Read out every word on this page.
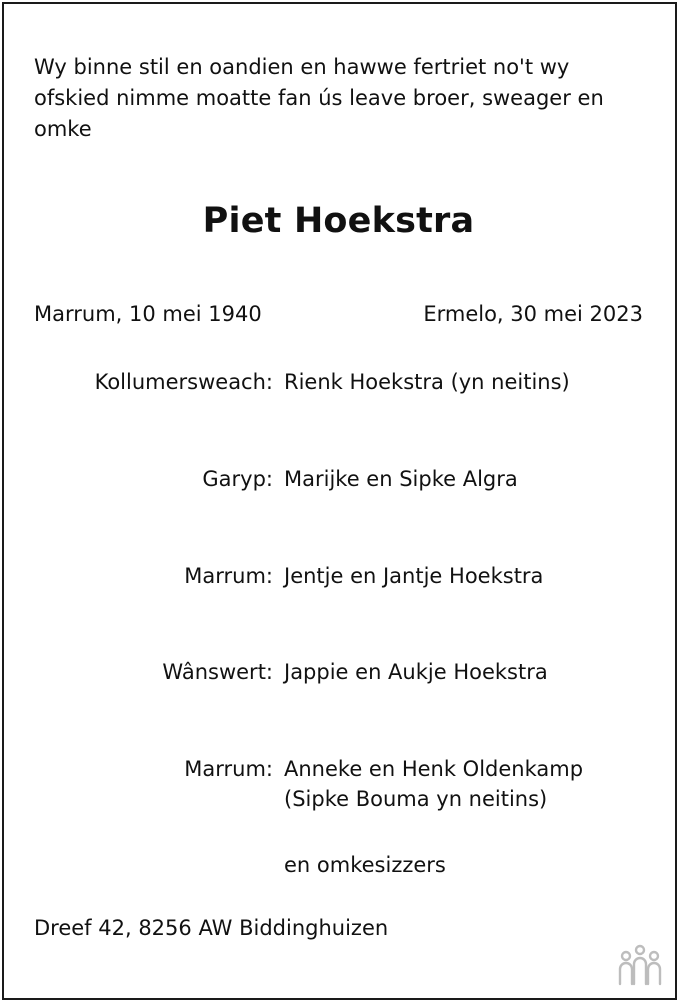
Wy binne stil en oandien en hawwe fertriet no't wy ofskied nimme moatte fan ús leave broer, sweager en omke

Piet Hoekstra
Marrum, 10 mei 1940	Ermelo, 30 mei 2023
Kollumersweach: Rienk Hoekstra (yn neitins)
Garyp: Marijke en Sipke Algra
Marrum: Jentje en Jantje Hoekstra
Wânswert: Jappie en Aukje Hoekstra
Marrum: Anneke en Henk Oldenkamp
(Sipke Bouma yn neitins)
en omkesizzers
Dreef 42, 8256 AW Biddinghuizen
